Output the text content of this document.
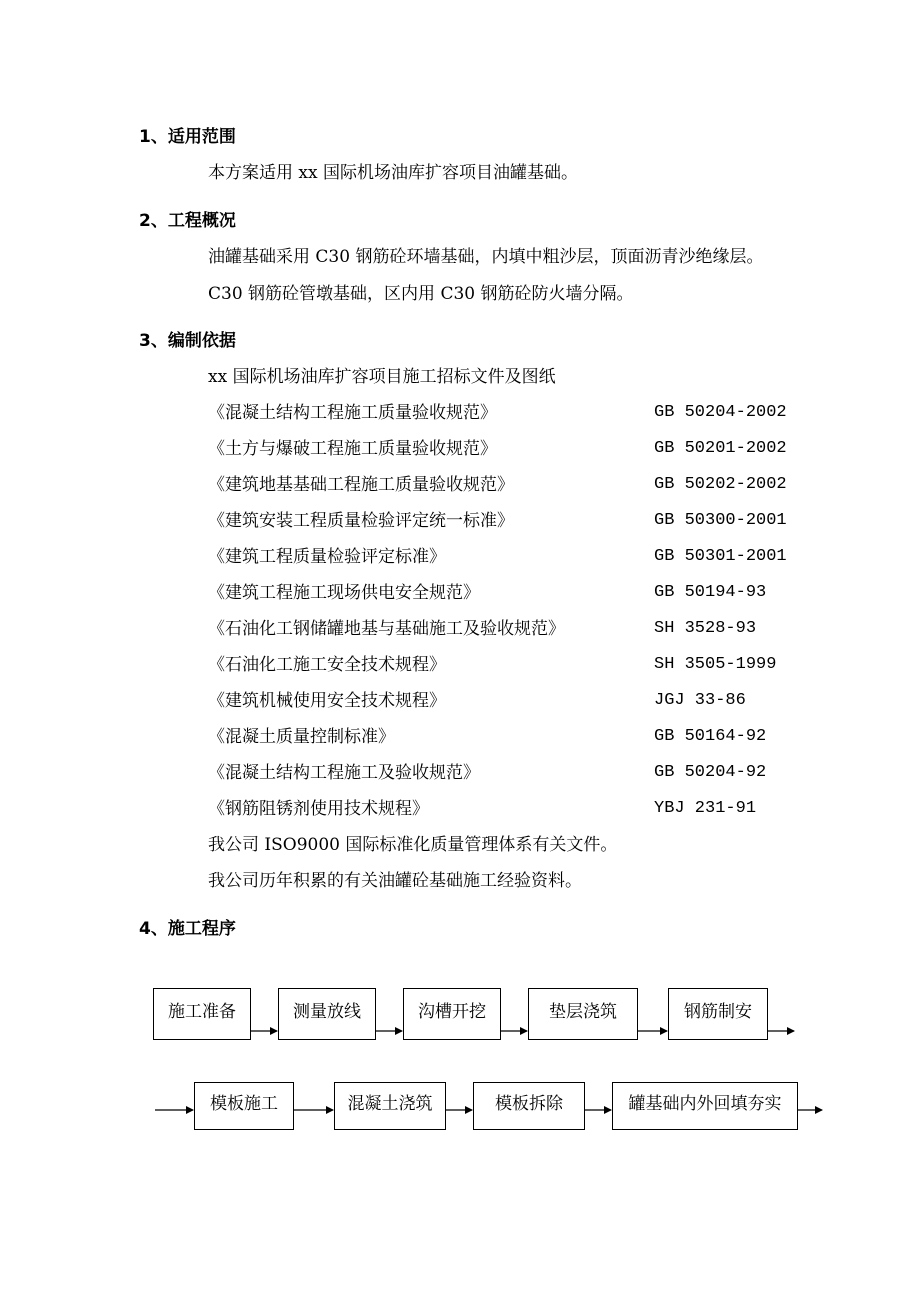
1、适用范围
本方案适用 xx 国际机场油库扩容项目油罐基础。
2、工程概况
油罐基础采用 C30 钢筋砼环墙基础，内填中粗沙层，顶面沥青沙绝缘层。
C30 钢筋砼管墩基础，区内用 C30 钢筋砼防火墙分隔。
3、编制依据
xx 国际机场油库扩容项目施工招标文件及图纸
《混凝土结构工程施工质量验收规范》	GB 50204-2002
《土方与爆破工程施工质量验收规范》	GB 50201-2002
《建筑地基基础工程施工质量验收规范》	GB 50202-2002
《建筑安装工程质量检验评定统一标准》	GB 50300-2001
《建筑工程质量检验评定标准》	GB 50301-2001
《建筑工程施工现场供电安全规范》	GB 50194-93
《石油化工钢储罐地基与基础施工及验收规范》	SH 3528-93
《石油化工施工安全技术规程》	SH 3505-1999
《建筑机械使用安全技术规程》	JGJ 33-86
《混凝土质量控制标准》	GB 50164-92
《混凝土结构工程施工及验收规范》	GB 50204-92
《钢筋阻锈剂使用技术规程》	YBJ 231-91
我公司 ISO9000 国际标准化质量管理体系有关文件。
我公司历年积累的有关油罐砼基础施工经验资料。
4、施工程序
施工准备	测量放线	沟槽开挖	垫层浇筑	钢筋制安
模板施工	混凝土浇筑	模板拆除	罐基础内外回填夯实
